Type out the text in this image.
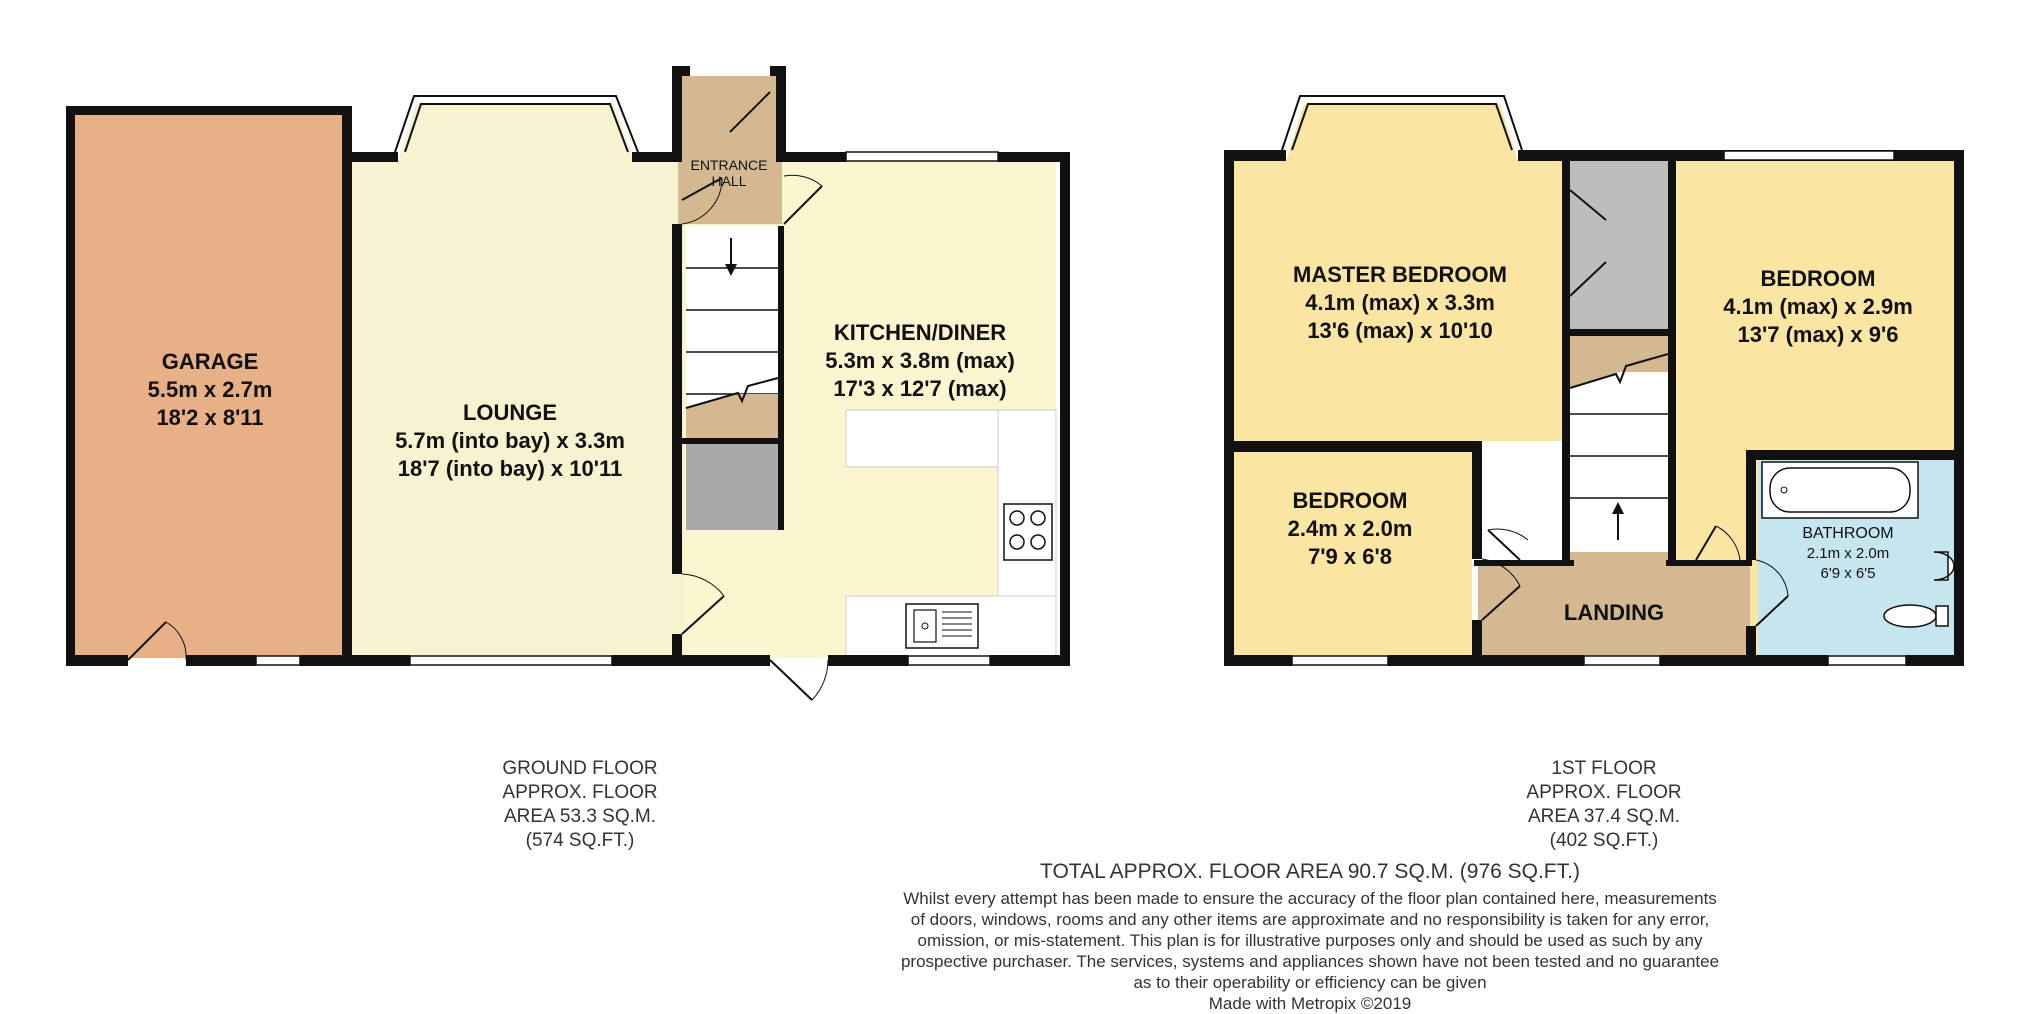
GARAGE
5.5m x 2.7m
18'2 x 8'11	LOUNGE
5.7m (into bay) x 3.3m
18'7 (into bay) x 10'11
ENTRANCE
HALL
KITCHEN/DINER
5.3m x 3.8m (max)
17'3 x 12'7 (max)
MASTER BEDROOM
4.1m (max) x 3.3m
13'6 (max) x 10'10
BEDROOM
4.1m (max) x 2.9m
13'7 (max) x 9'6
BEDROOM
2.4m x 2.0m
7'9 x 6'8
BATHROOM
2.1m x 2.0m
6'9 x 6'5
LANDING
GROUND FLOOR
APPROX. FLOOR
AREA 53.3 SQ.M.
(574 SQ.FT.)
1ST FLOOR
APPROX. FLOOR
AREA 37.4 SQ.M.
(402 SQ.FT.)
TOTAL APPROX. FLOOR AREA 90.7 SQ.M. (976 SQ.FT.)
Whilst every attempt has been made to ensure the accuracy of the floor plan contained here, measurements
of doors, windows, rooms and any other items are approximate and no responsibility is taken for any error,
omission, or mis-statement. This plan is for illustrative purposes only and should be used as such by any
prospective purchaser. The services, systems and appliances shown have not been tested and no guarantee
as to their operability or efficiency can be given
Made with Metropix ©2019
